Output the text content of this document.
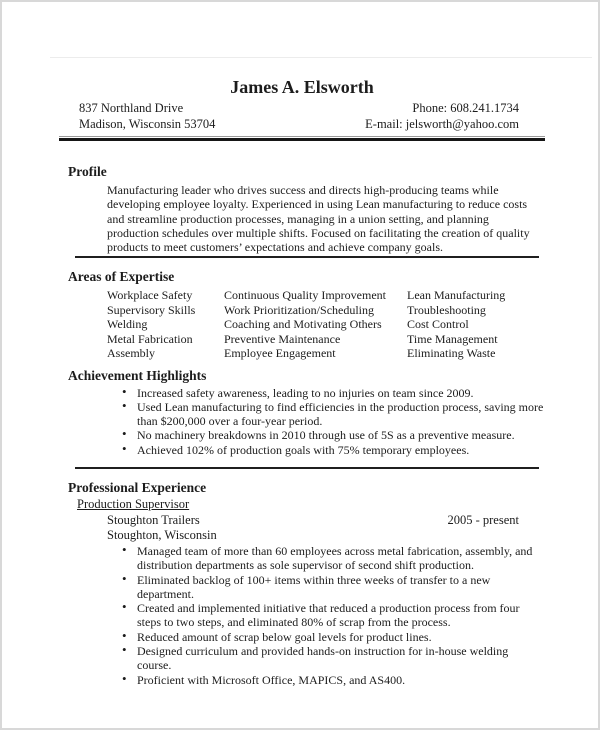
James A. Elsworth
837 Northland Drive
Madison, Wisconsin 53704
Phone: 608.241.1734
E-mail: jelsworth@yahoo.com
Profile
Manufacturing leader who drives success and directs high-producing teams while developing employee loyalty. Experienced in using Lean manufacturing to reduce costs and streamline production processes, managing in a union setting, and planning production schedules over multiple shifts. Focused on facilitating the creation of quality products to meet customers’ expectations and achieve company goals.
Areas of Expertise
Workplace Safety
Supervisory Skills
Welding
Metal Fabrication
Assembly
Continuous Quality Improvement
Work Prioritization/Scheduling
Coaching and Motivating Others
Preventive Maintenance
Employee Engagement
Lean Manufacturing
Troubleshooting
Cost Control
Time Management
Eliminating Waste
Achievement Highlights
• Increased safety awareness, leading to no injuries on team since 2009.
• Used Lean manufacturing to find efficiencies in the production process, saving more than $200,000 over a four-year period.
• No machinery breakdowns in 2010 through use of 5S as a preventive measure.
• Achieved 102% of production goals with 75% temporary employees.
Professional Experience
Production Supervisor
Stoughton Trailers	2005 - present
Stoughton, Wisconsin
• Managed team of more than 60 employees across metal fabrication, assembly, and distribution departments as sole supervisor of second shift production.
• Eliminated backlog of 100+ items within three weeks of transfer to a new department.
• Created and implemented initiative that reduced a production process from four steps to two steps, and eliminated 80% of scrap from the process.
• Reduced amount of scrap below goal levels for product lines.
• Designed curriculum and provided hands-on instruction for in-house welding course.
• Proficient with Microsoft Office, MAPICS, and AS400.
